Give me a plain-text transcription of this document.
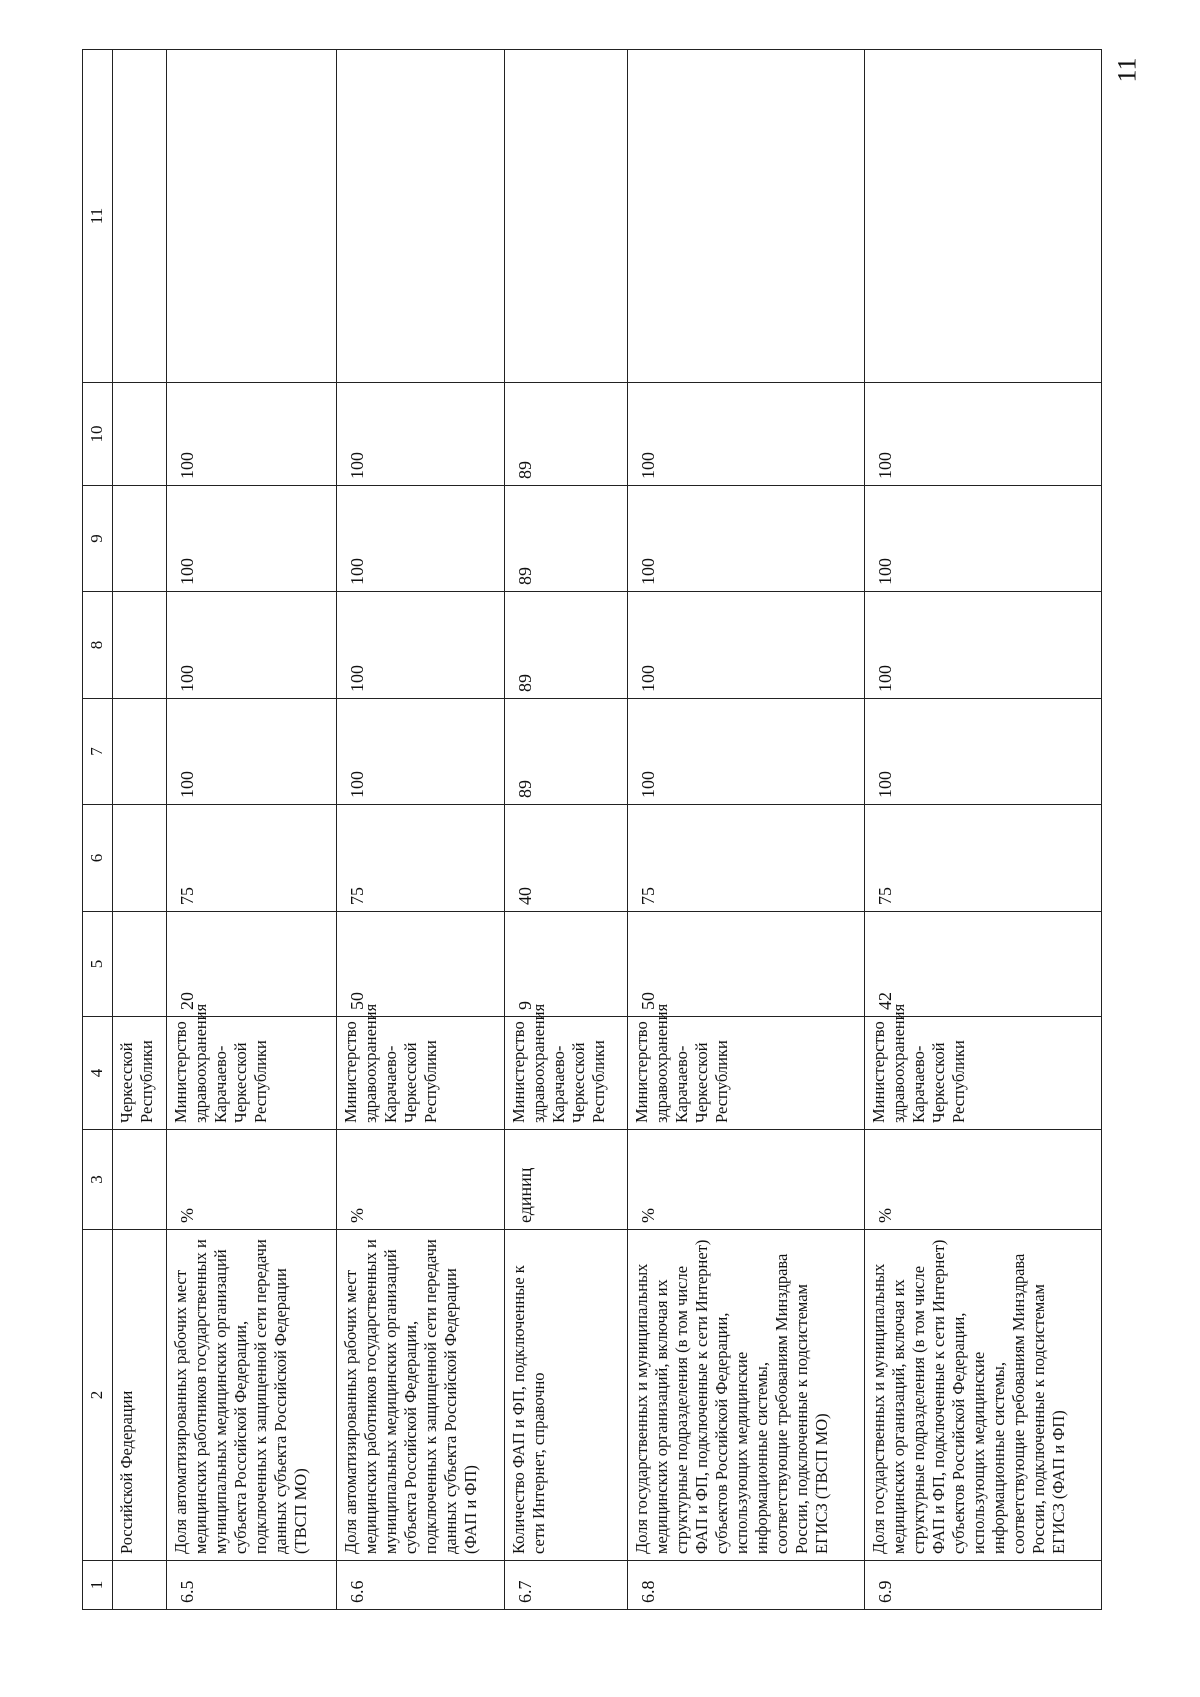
11
1	2	3	4	5	6	7	8	9	10	11
	Российской Федерации		Черкесской Республики							
6.5	Доля автоматизированных рабочих мест медицинских работников государственных и муниципальных медицинских организаций субъекта Российской Федерации, подключенных к защищенной сети передачи данных субъекта Российской Федерации (ТВСП МО)	%	Министерство здравоохранения Карачаево-Черкесской Республики	20	75	100	100	100	100	
6.6	Доля автоматизированных рабочих мест медицинских работников государственных и муниципальных медицинских организаций субъекта Российской Федерации, подключенных к защищенной сети передачи данных субъекта Российской Федерации (ФАП и ФП)	%	Министерство здравоохранения Карачаево-Черкесской Республики	50	75	100	100	100	100	
6.7	Количество ФАП и ФП, подключенные к сети Интернет, справочно	единиц	Министерство здравоохранения Карачаево-Черкесской Республики	9	40	89	89	89	89	
6.8	Доля государственных и муниципальных медицинских организаций, включая их структурные подразделения (в том числе ФАП и ФП, подключенные к сети Интернет) субъектов Российской Федерации, использующих медицинские информационные системы, соответствующие требованиям Минздрава России, подключенные к подсистемам ЕГИСЗ (ТВСП МО)	%	Министерство здравоохранения Карачаево-Черкесской Республики	50	75	100	100	100	100	
6.9	Доля государственных и муниципальных медицинских организаций, включая их структурные подразделения (в том числе ФАП и ФП, подключенные к сети Интернет) субъектов Российской Федерации, использующих медицинские информационные системы, соответствующие требованиям Минздрава России, подключенные к подсистемам ЕГИСЗ (ФАП и ФП)	%	Министерство здравоохранения Карачаево-Черкесской Республики	42	75	100	100	100	100	
